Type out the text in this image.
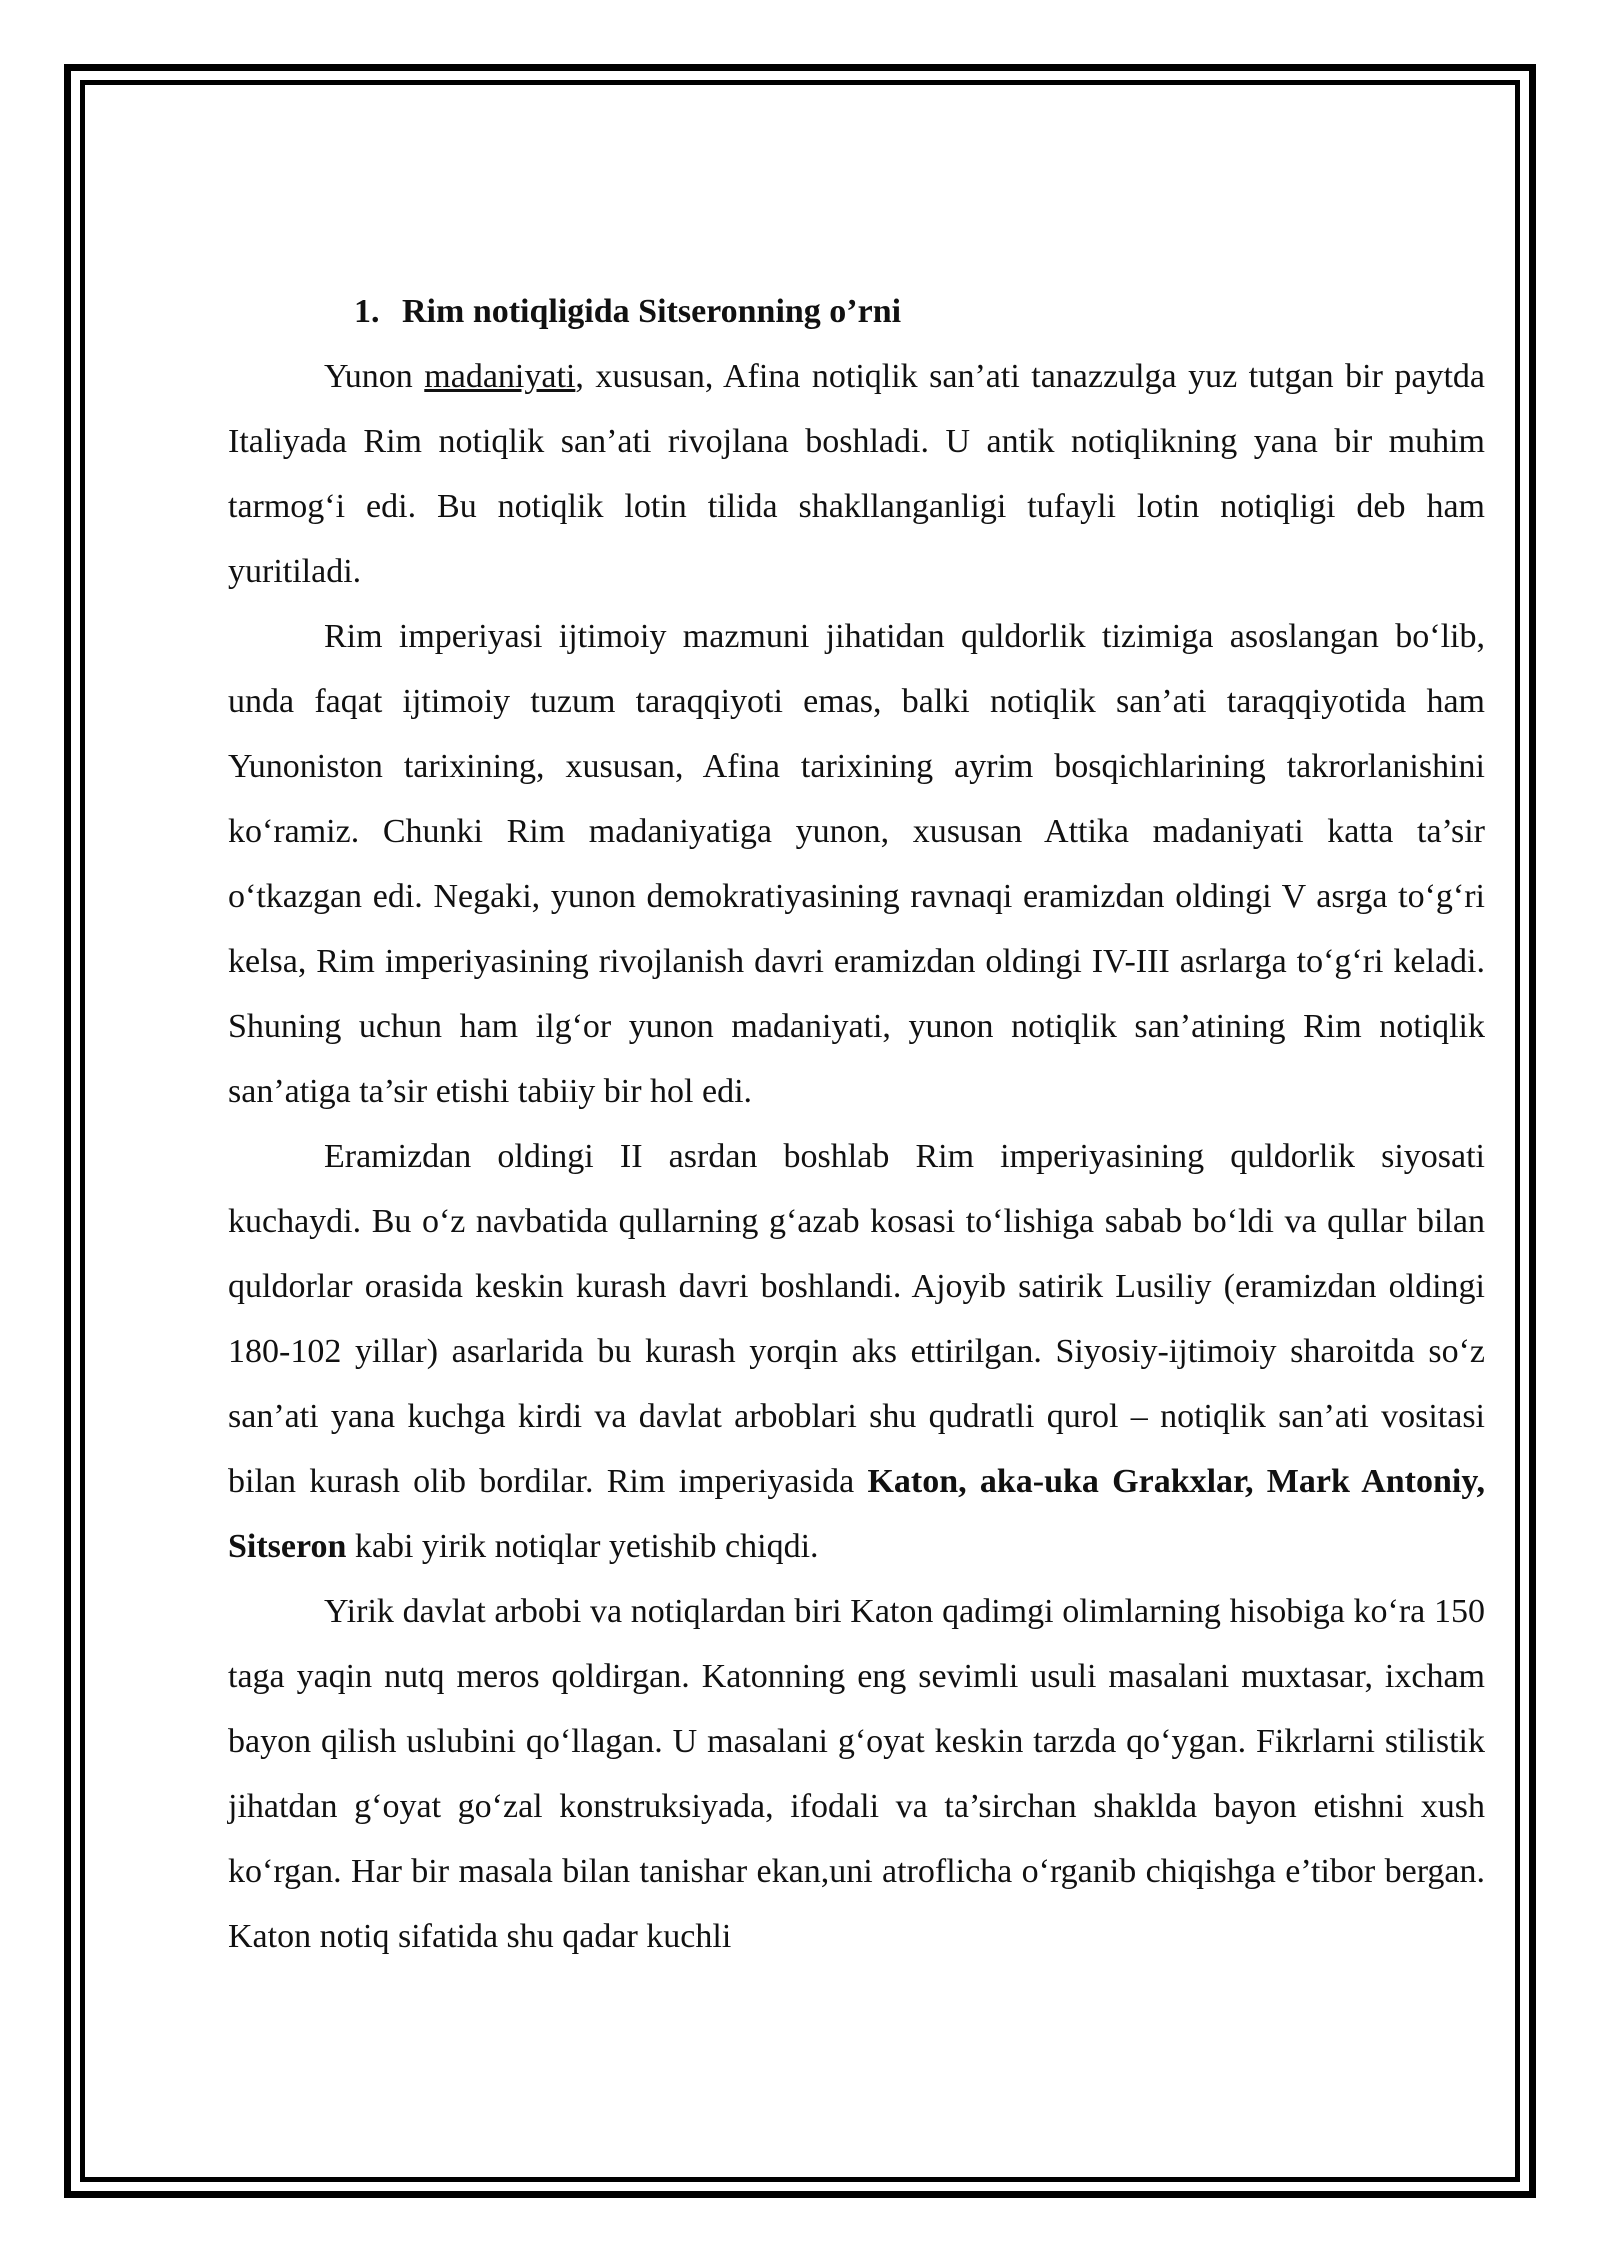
1. Rim notiqligida Sitseronning o’rni

Yunon madaniyati, xususan, Afina notiqlik san’ati tanazzulga yuz tutgan bir paytda Italiyada Rim notiqlik san’ati rivojlana boshladi. U antik notiqlikning yana bir muhim tarmogʻi edi. Bu notiqlik lotin tilida shakllanganligi tufayli lotin notiqligi deb ham yuritiladi.

Rim imperiyasi ijtimoiy mazmuni jihatidan quldorlik tizimiga asoslangan boʻlib, unda faqat ijtimoiy tuzum taraqqiyoti emas, balki notiqlik san’ati taraqqiyotida ham Yunoniston tarixining, xususan, Afina tarixining ayrim bosqichlarining takrorlanishini koʻramiz. Chunki Rim madaniyatiga yunon, xususan Attika madaniyati katta ta’sir oʻtkazgan edi. Negaki, yunon demokratiyasining ravnaqi eramizdan oldingi V asrga toʻgʻri kelsa, Rim imperiyasining rivojlanish davri eramizdan oldingi IV-III asrlarga toʻgʻri keladi. Shuning uchun ham ilgʻor yunon madaniyati, yunon notiqlik san’atining Rim notiqlik san’atiga ta’sir etishi tabiiy bir hol edi.

Eramizdan oldingi II asrdan boshlab Rim imperiyasining quldorlik siyosati kuchaydi. Bu oʻz navbatida qullarning gʻazab kosasi toʻlishiga sabab boʻldi va qullar bilan quldorlar orasida keskin kurash davri boshlandi. Ajoyib satirik Lusiliy (eramizdan oldingi 180-102 yillar) asarlarida bu kurash yorqin aks ettirilgan. Siyosiy-ijtimoiy sharoitda soʻz san’ati yana kuchga kirdi va davlat arboblari shu qudratli qurol – notiqlik san’ati vositasi bilan kurash olib bordilar. Rim imperiyasida Katon, aka-uka Grakxlar, Mark Antoniy, Sitseron kabi yirik notiqlar yetishib chiqdi.

Yirik davlat arbobi va notiqlardan biri Katon qadimgi olimlarning hisobiga koʻra 150 taga yaqin nutq meros qoldirgan. Katonning eng sevimli usuli masalani muxtasar, ixcham bayon qilish uslubini qoʻllagan. U masalani gʻoyat keskin tarzda qoʻygan. Fikrlarni stilistik jihatdan gʻoyat goʻzal konstruksiyada, ifodali va ta’sirchan shaklda bayon etishni xush koʻrgan. Har bir masala bilan tanishar ekan,uni atroflicha oʻrganib chiqishga e’tibor bergan. Katon notiq sifatida shu qadar kuchli
